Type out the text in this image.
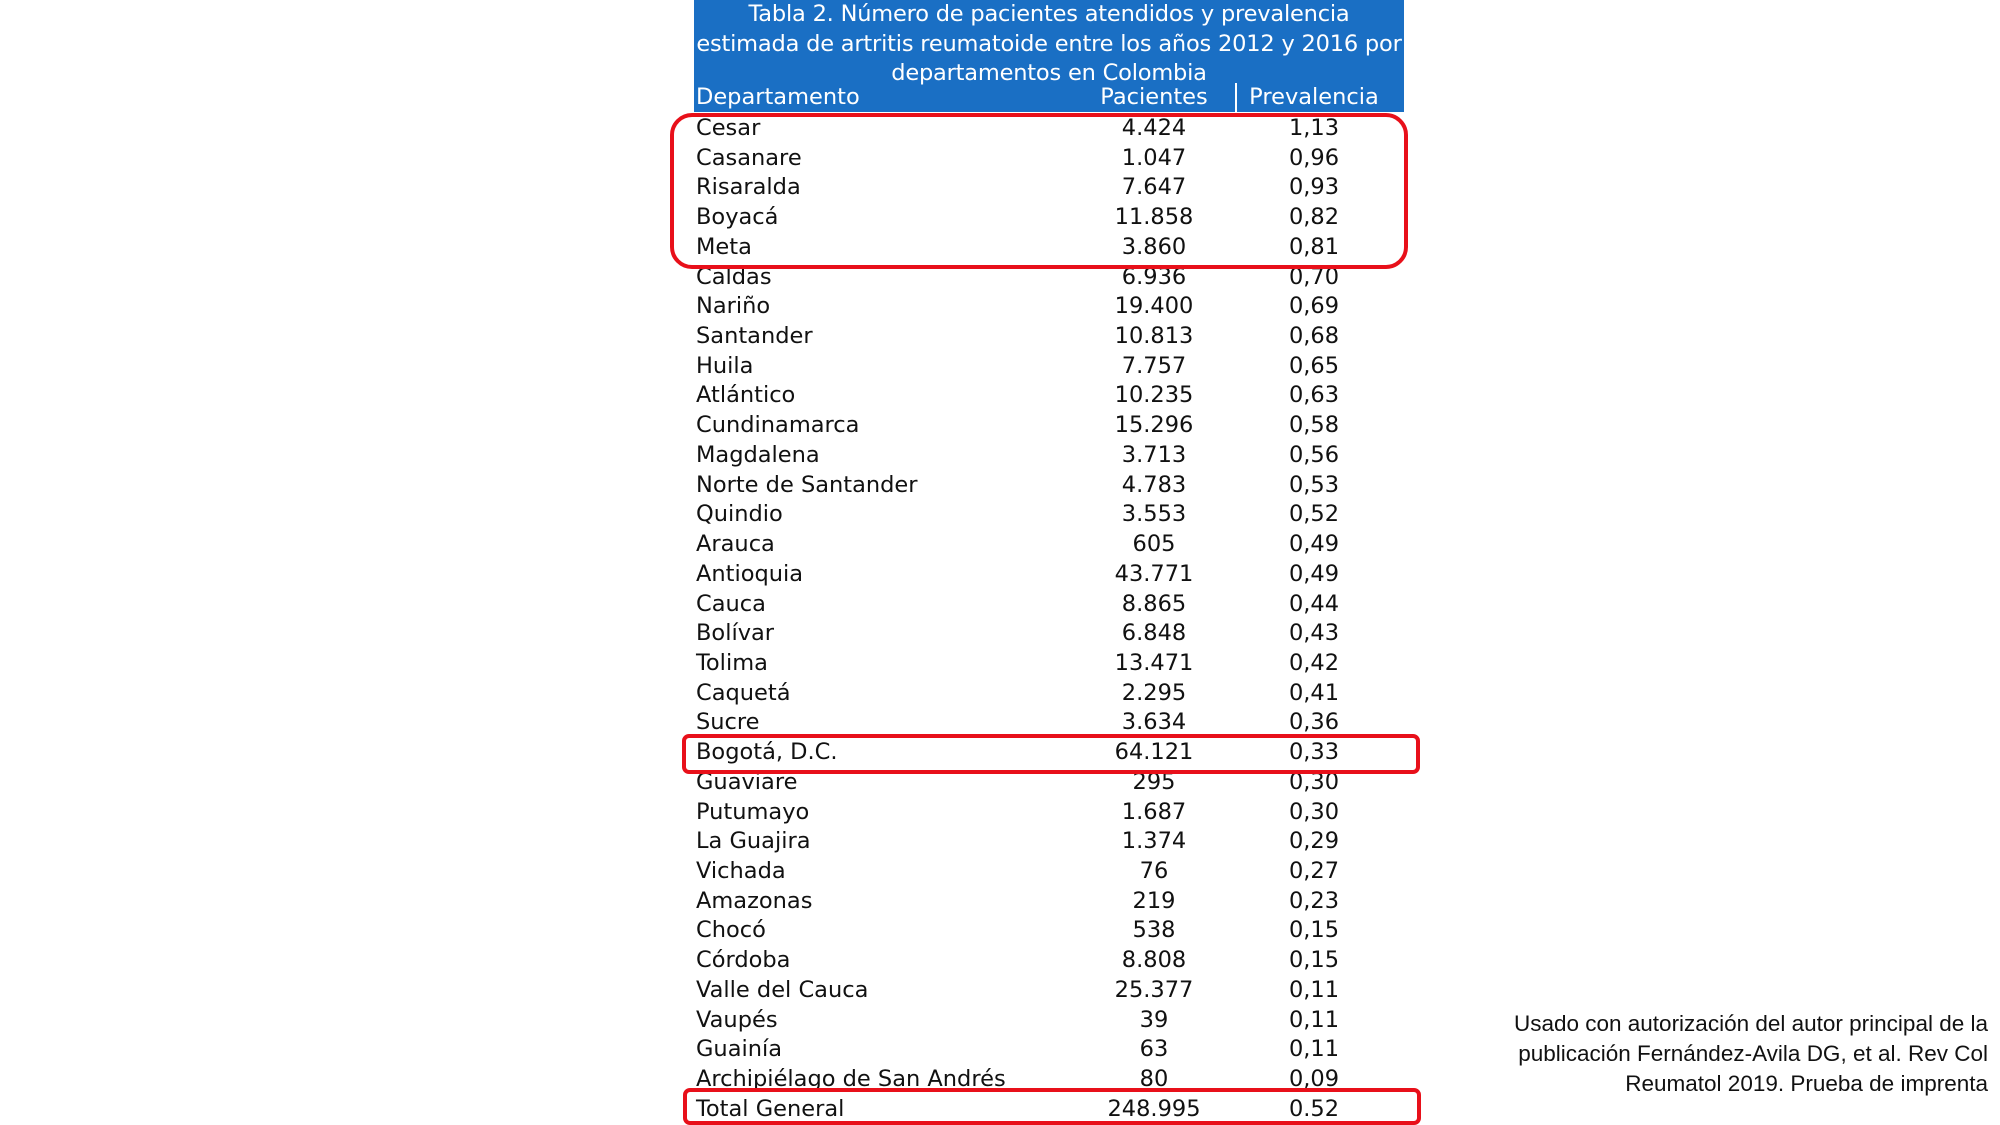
Tabla 2. Número de pacientes atendidos y prevalencia estimada de artritis reumatoide entre los años 2012 y 2016 por departamentos en Colombia
Departamento	Pacientes	Prevalencia
Cesar	4.424	1,13
Casanare	1.047	0,96
Risaralda	7.647	0,93
Boyacá	11.858	0,82
Meta	3.860	0,81
Caldas	6.936	0,70
Nariño	19.400	0,69
Santander	10.813	0,68
Huila	7.757	0,65
Atlántico	10.235	0,63
Cundinamarca	15.296	0,58
Magdalena	3.713	0,56
Norte de Santander	4.783	0,53
Quindio	3.553	0,52
Arauca	605	0,49
Antioquia	43.771	0,49
Cauca	8.865	0,44
Bolívar	6.848	0,43
Tolima	13.471	0,42
Caquetá	2.295	0,41
Sucre	3.634	0,36
Bogotá, D.C.	64.121	0,33
Guaviare	295	0,30
Putumayo	1.687	0,30
La Guajira	1.374	0,29
Vichada	76	0,27
Amazonas	219	0,23
Chocó	538	0,15
Córdoba	8.808	0,15
Valle del Cauca	25.377	0,11
Vaupés	39	0,11
Guainía	63	0,11
Archipiélago de San Andrés	80	0,09
Total General	248.995	0.52
Usado con autorización del autor principal de la
publicación Fernández-Avila DG, et al. Rev Col
Reumatol 2019. Prueba de imprenta
